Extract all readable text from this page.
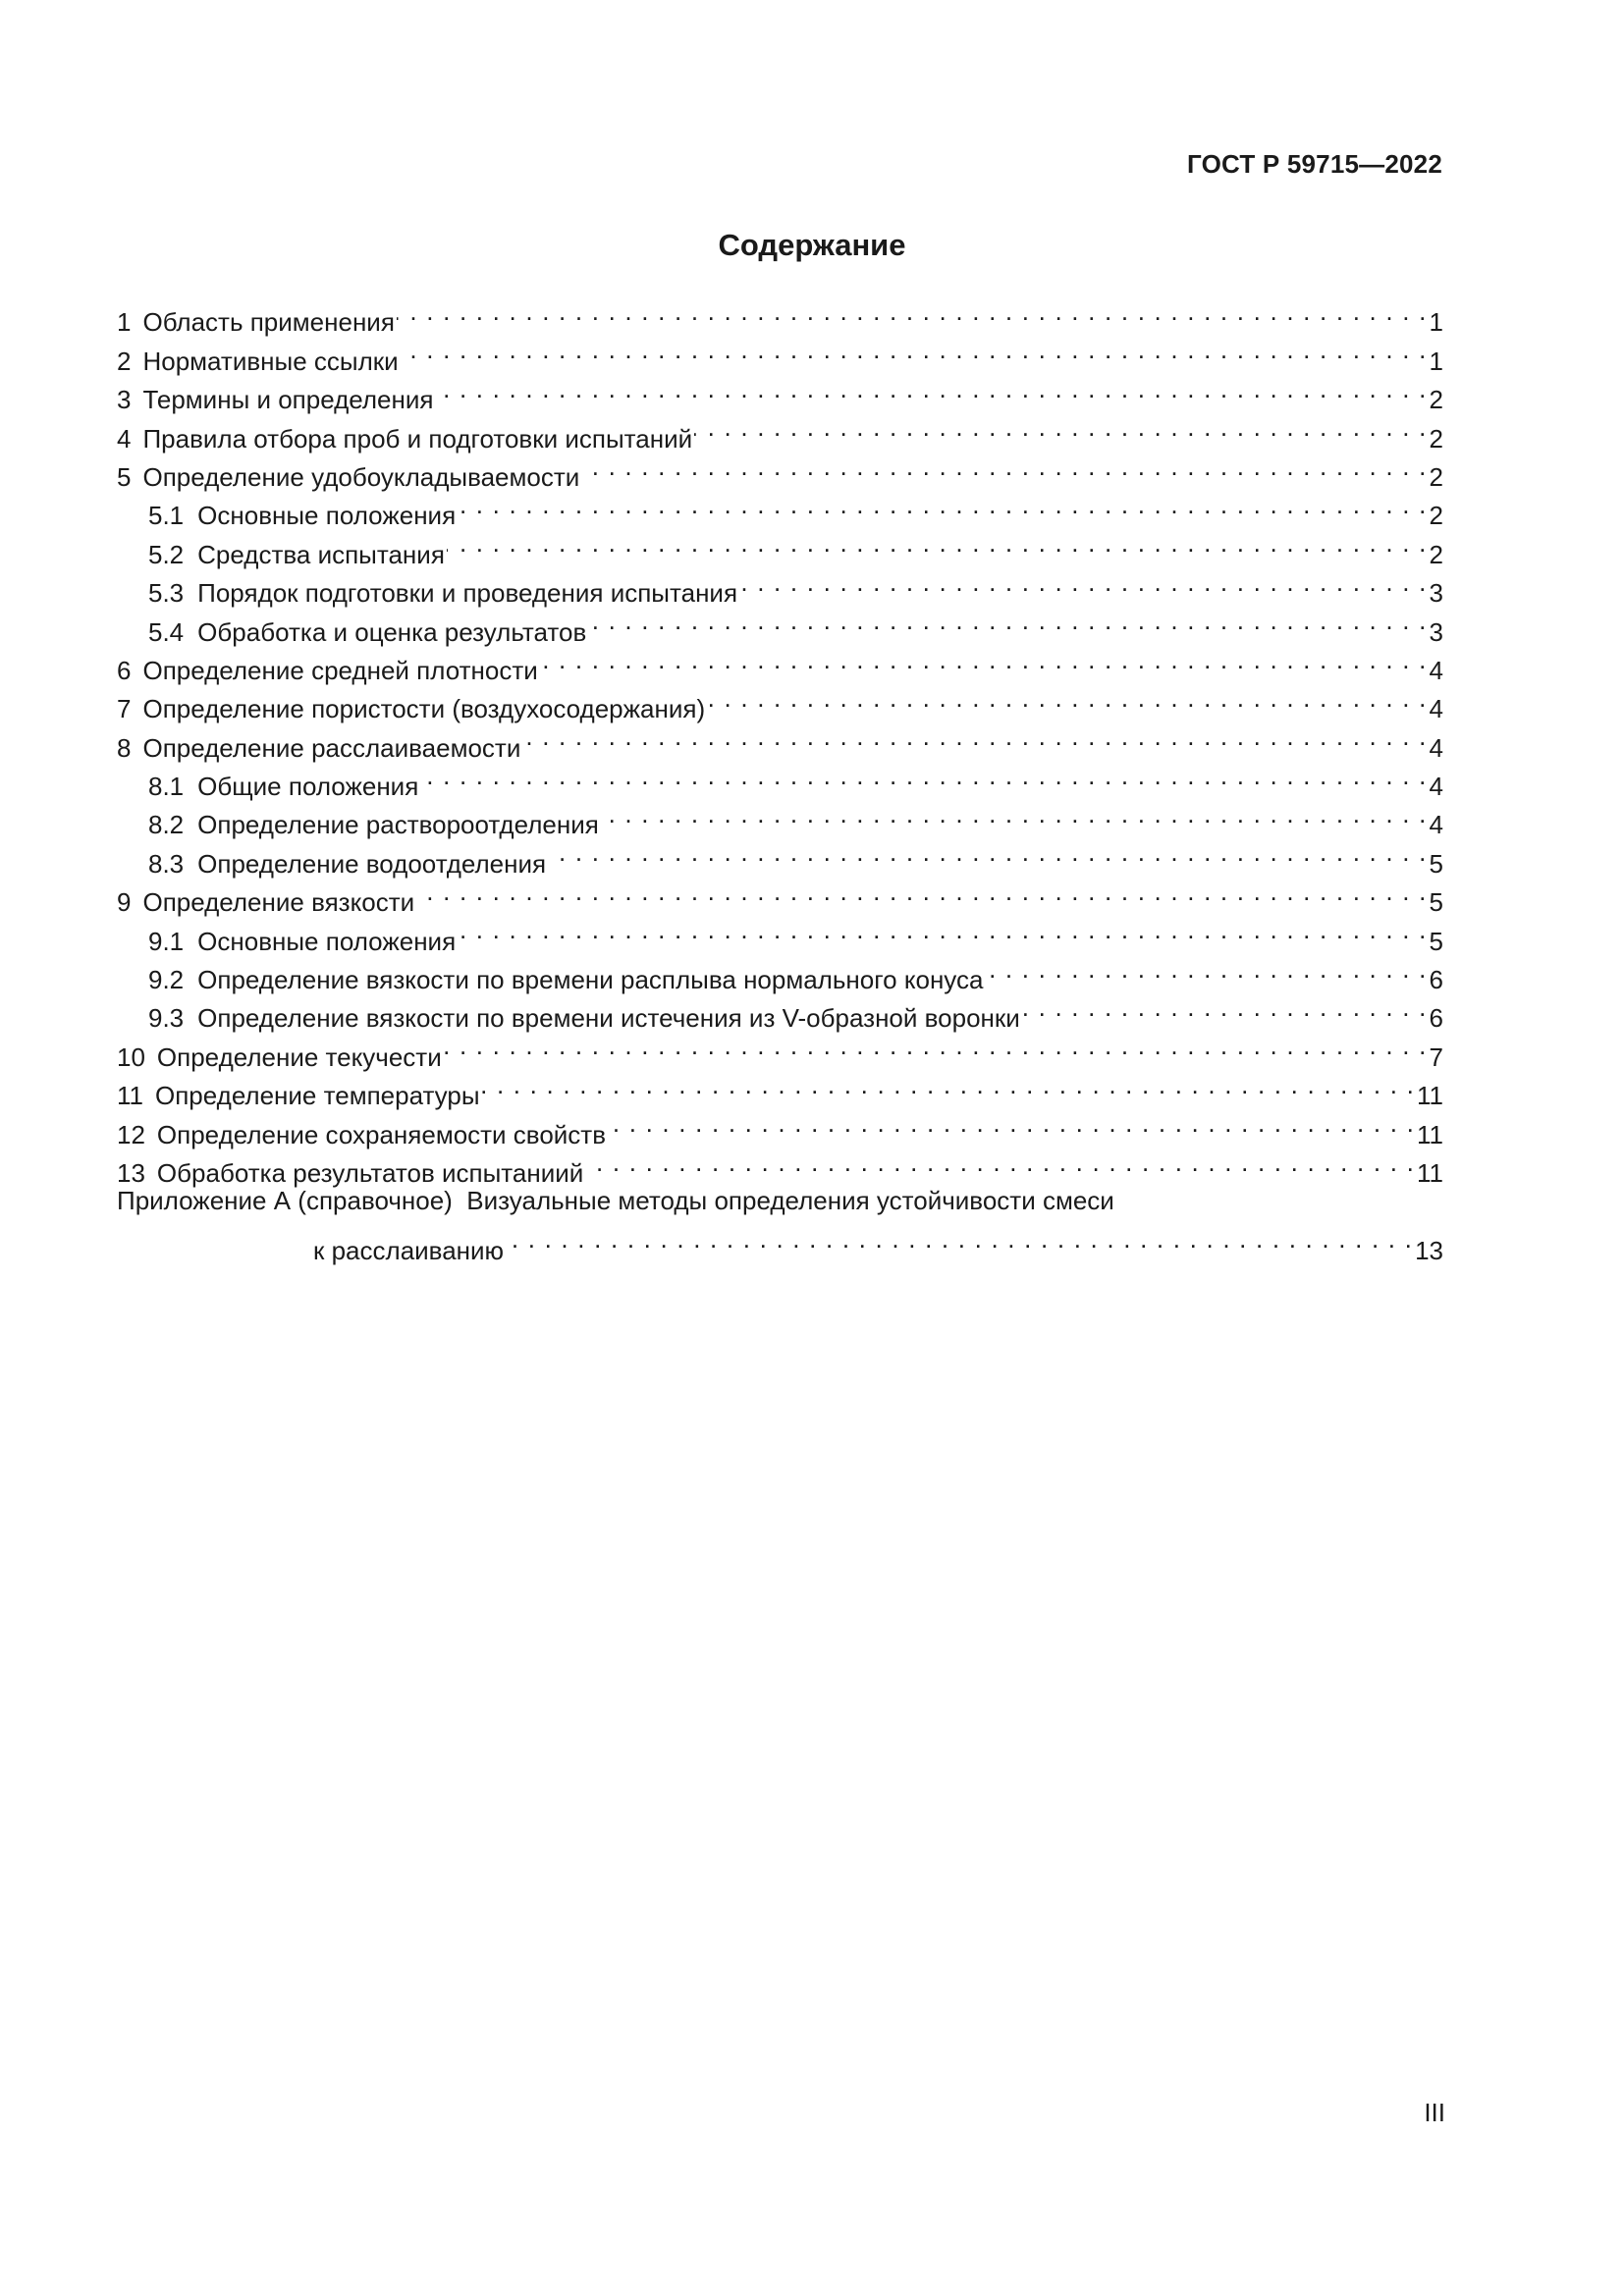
ГОСТ Р 59715—2022
Содержание
1 Область применения . . .	1
2 Нормативные ссылки . . .	1
3 Термины и определения . . .	2
4 Правила отбора проб и подготовки испытаний . . .	2
5 Определение удобоукладываемости . . .	2
5.1 Основные положения . . .	2
5.2 Средства испытания . . .	2
5.3 Порядок подготовки и проведения испытания . . .	3
5.4 Обработка и оценка результатов . . .	3
6 Определение средней плотности . . .	4
7 Определение пористости (воздухосодержания) . . .	4
8 Определение расслаиваемости . . .	4
8.1 Общие положения . . .	4
8.2 Определение раствороотделения . . .	4
8.3 Определение водоотделения . . .	5
9 Определение вязкости . . .	5
9.1 Основные положения . . .	5
9.2 Определение вязкости по времени расплыва нормального конуса . . .	6
9.3 Определение вязкости по времени истечения из V-образной воронки . . .	6
10 Определение текучести . . .	7
11 Определение температуры . . .	11
12 Определение сохраняемости свойств . . .	11
13 Обработка результатов испытаниий . . .	11
Приложение А (справочное) Визуальные методы определения устойчивости смеси
к расслаиванию . . .	13
III
